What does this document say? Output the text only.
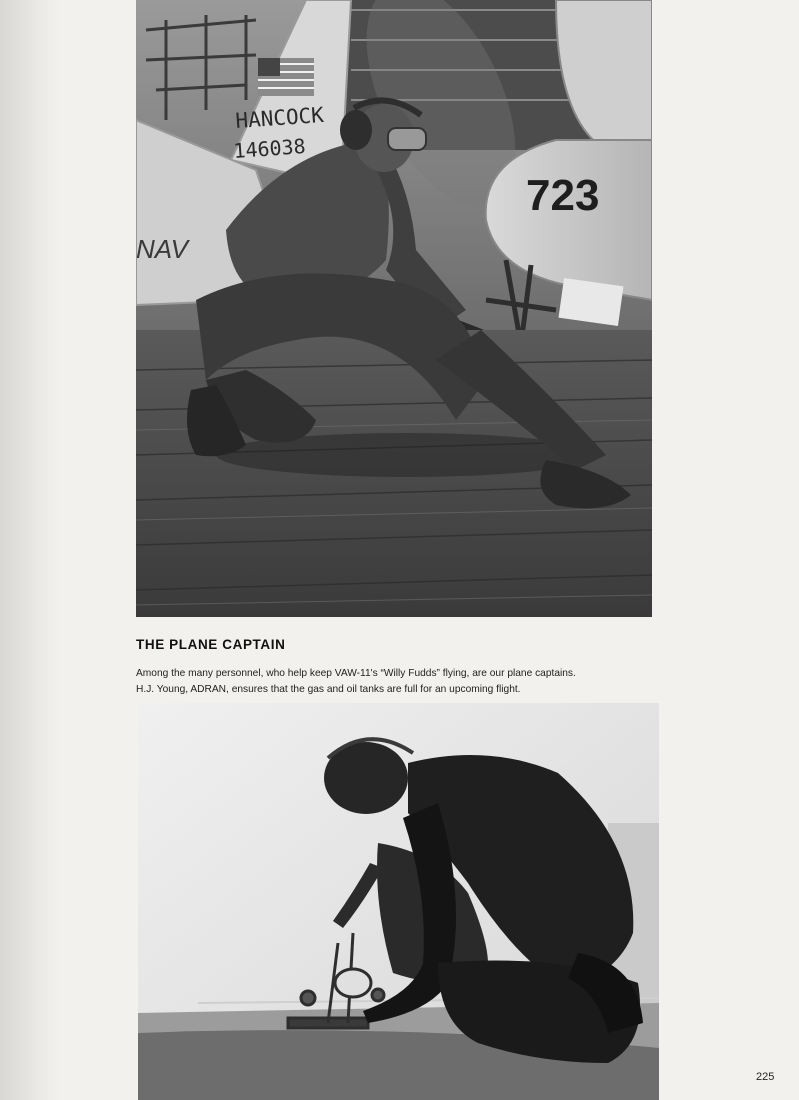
HANCOCK
146038
NAV
723
THE PLANE CAPTAIN

Among the many personnel, who help keep VAW-11's “Willy Fudds” flying, are our plane captains.

H.J. Young, ADRAN, ensures that the gas and oil tanks are full for an upcoming flight.

225
